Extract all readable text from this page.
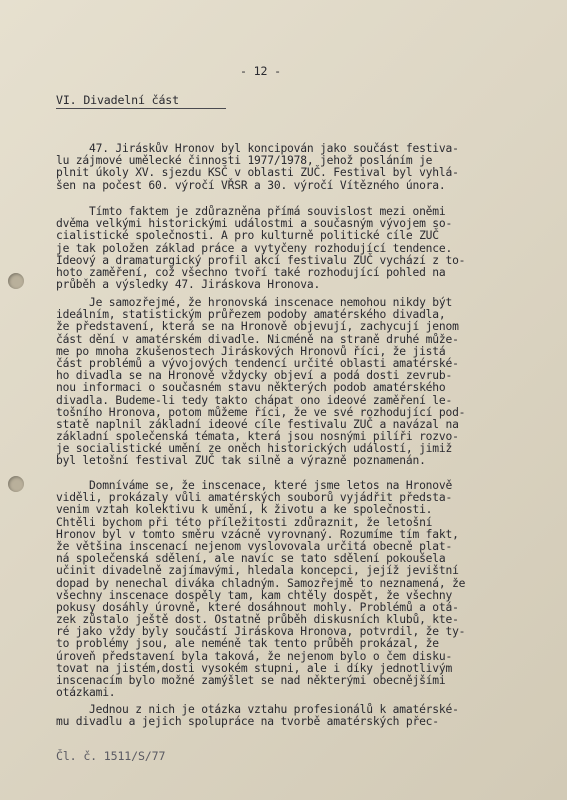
- 12 -
VI. Divadelní část
47. Jiráskův Hronov byl koncipován jako součást festiva-
lu zájmové umělecké činnosti 1977/1978, jehož posláním je
plnit úkoly XV. sjezdu KSČ v oblasti ZUČ. Festival byl vyhlá-
šen na počest 60. výročí VŘSR a 30. výročí Vítězného února.
Tímto faktem je zdůrazněna přímá souvislost mezi oněmi
dvěma velkými historickými událostmi a současným vývojem so-
cialistické společnosti. A pro kulturně politické cíle ZUČ
je tak položen základ práce a vytyčeny rozhodující tendence.
Ideový a dramaturgický profil akcí festivalu ZUČ vychází z to-
hoto zaměření, což všechno tvoří také rozhodující pohled na
průběh a výsledky 47. Jiráskova Hronova.
Je samozřejmé, že hronovská inscenace nemohou nikdy být
ideálním, statistickým průřezem podoby amatérského divadla,
že představení, která se na Hronově objevují, zachycují jenom
část dění v amatérském divadle. Nicméně na straně druhé může-
me po mnoha zkušenostech Jiráskových Hronovů říci, že jistá
část problémů a vývojových tendencí určité oblasti amatérské-
ho divadla se na Hronově vždycky objeví a podá dosti zevrub-
nou informaci o současném stavu některých podob amatérského
divadla. Budeme-li tedy takto chápat ono ideové zaměření le-
tošního Hronova, potom můžeme říci, že ve své rozhodující pod-
statě naplnil základní ideové cíle festivalu ZUČ a navázal na
základní společenská témata, která jsou nosnými pilíři rozvo-
je socialistické umění ze oněch historických událostí, jimiž
byl letošní festival ZUČ tak silně a výrazně poznamenán.
Domníváme se, že inscenace, které jsme letos na Hronově
viděli, prokázaly vůli amatérských souborů vyjádřit předsta-
venim vztah kolektivu k umění, k životu a ke společnosti.
Chtěli bychom při této příležitosti zdůraznit, že letošní
Hronov byl v tomto směru vzácně vyrovnaný. Rozumíme tím fakt,
že většina inscenací nejenom vyslovovala určitá obecně plat-
ná společenská sdělení, ale navíc se tato sdělení pokoušela
učinit divadelně zajímavými, hledala koncepci, jejíž jevištní
dopad by nenechal diváka chladným. Samozřejmě to neznamená, že
všechny inscenace dospěly tam, kam chtěly dospět, že všechny
pokusy dosáhly úrovně, které dosáhnout mohly. Problémů a otá-
zek zůstalo ještě dost. Ostatně průběh diskusních klubů, kte-
ré jako vždy byly součástí Jiráskova Hronova, potvrdil, že ty-
to problémy jsou, ale neméně tak tento průběh prokázal, že
úroveň představení byla taková, že nejenom bylo o čem disku-
tovat na jistém,dosti vysokém stupni, ale i díky jednotlivým
inscenacím bylo možné zamýšlet se nad některými obecnějšími
otázkami.
Jednou z nich je otázka vztahu profesionálů k amatérské-
mu divadlu a jejich spolupráce na tvorbě amatérských přec-
Čl. č. 1511/S/77
